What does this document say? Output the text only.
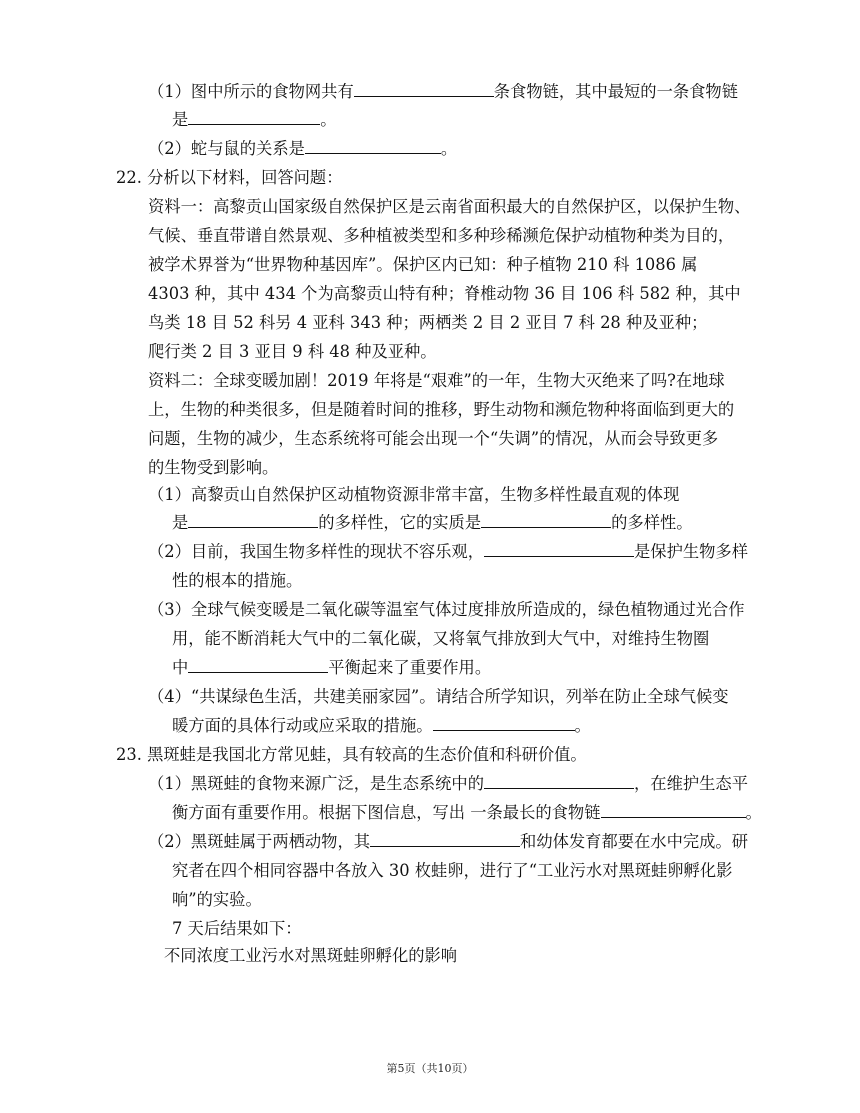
（1）图中所示的食物网共有	条食物链，其中最短的一条食物链
是	。
（2）蛇与鼠的关系是	。
22. 分析以下材料，回答问题：
资料一：高黎贡山国家级自然保护区是云南省面积最大的自然保护区，以保护生物、
气候、垂直带谱自然景观、多种植被类型和多种珍稀濒危保护动植物种类为目的，
被学术界誉为“世界物种基因库”。保护区内已知：种子植物 210 科 1086 属
4303 种，其中 434 个为高黎贡山特有种；脊椎动物 36 目 106 科 582 种，其中
鸟类 18 目 52 科另 4 亚科 343 种；两栖类 2 目 2 亚目 7 科 28 种及亚种；
爬行类 2 目 3 亚目 9 科 48 种及亚种。
资料二：全球变暖加剧！2019 年将是“艰难”的一年，生物大灭绝来了吗?在地球
上，生物的种类很多，但是随着时间的推移，野生动物和濒危物种将面临到更大的
问题，生物的减少，生态系统将可能会出现一个“失调”的情况，从而会导致更多
的生物受到影响。
（1）高黎贡山自然保护区动植物资源非常丰富，生物多样性最直观的体现
是	的多样性，它的实质是	的多样性。
（2）目前，我国生物多样性的现状不容乐观，	是保护生物多样
性的根本的措施。
（3）全球气候变暖是二氧化碳等温室气体过度排放所造成的，绿色植物通过光合作
用，能不断消耗大气中的二氧化碳，又将氧气排放到大气中，对维持生物圈
中	平衡起来了重要作用。
（4）“共谋绿色生活，共建美丽家园”。请结合所学知识，列举在防止全球气候变
暖方面的具体行动或应采取的措施。	。
23. 黑斑蛙是我国北方常见蛙，具有较高的生态价值和科研价值。
（1）黑斑蛙的食物来源广泛，是生态系统中的	，在维护生态平
衡方面有重要作用。根据下图信息，写出 一条最长的食物链	。
（2）黑斑蛙属于两栖动物，其	和幼体发育都要在水中完成。研
究者在四个相同容器中各放入 30 枚蛙卵，进行了“工业污水对黑斑蛙卵孵化影
响”的实验。
7 天后结果如下：
不同浓度工业污水对黑斑蛙卵孵化的影响
第5页（共10页）
